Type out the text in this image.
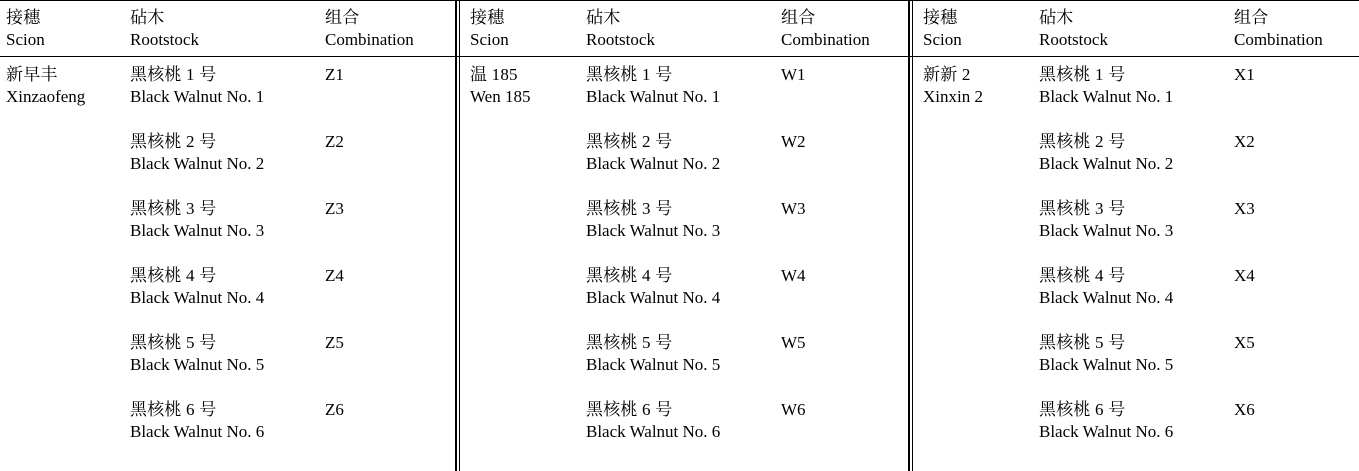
接穗
Scion
砧木
Rootstock
组合
Combination
新早丰
Xinzaofeng
黑核桃 1 号
Black Walnut No. 1
Z1
黑核桃 2 号
Black Walnut No. 2
Z2
黑核桃 3 号
Black Walnut No. 3
Z3
黑核桃 4 号
Black Walnut No. 4
Z4
黑核桃 5 号
Black Walnut No. 5
Z5
黑核桃 6 号
Black Walnut No. 6
Z6
接穗
Scion
砧木
Rootstock
组合
Combination
温 185
Wen 185
黑核桃 1 号
Black Walnut No. 1
W1
黑核桃 2 号
Black Walnut No. 2
W2
黑核桃 3 号
Black Walnut No. 3
W3
黑核桃 4 号
Black Walnut No. 4
W4
黑核桃 5 号
Black Walnut No. 5
W5
黑核桃 6 号
Black Walnut No. 6
W6
接穗
Scion
砧木
Rootstock
组合
Combination
新新 2
Xinxin 2
黑核桃 1 号
Black Walnut No. 1
X1
黑核桃 2 号
Black Walnut No. 2
X2
黑核桃 3 号
Black Walnut No. 3
X3
黑核桃 4 号
Black Walnut No. 4
X4
黑核桃 5 号
Black Walnut No. 5
X5
黑核桃 6 号
Black Walnut No. 6
X6
